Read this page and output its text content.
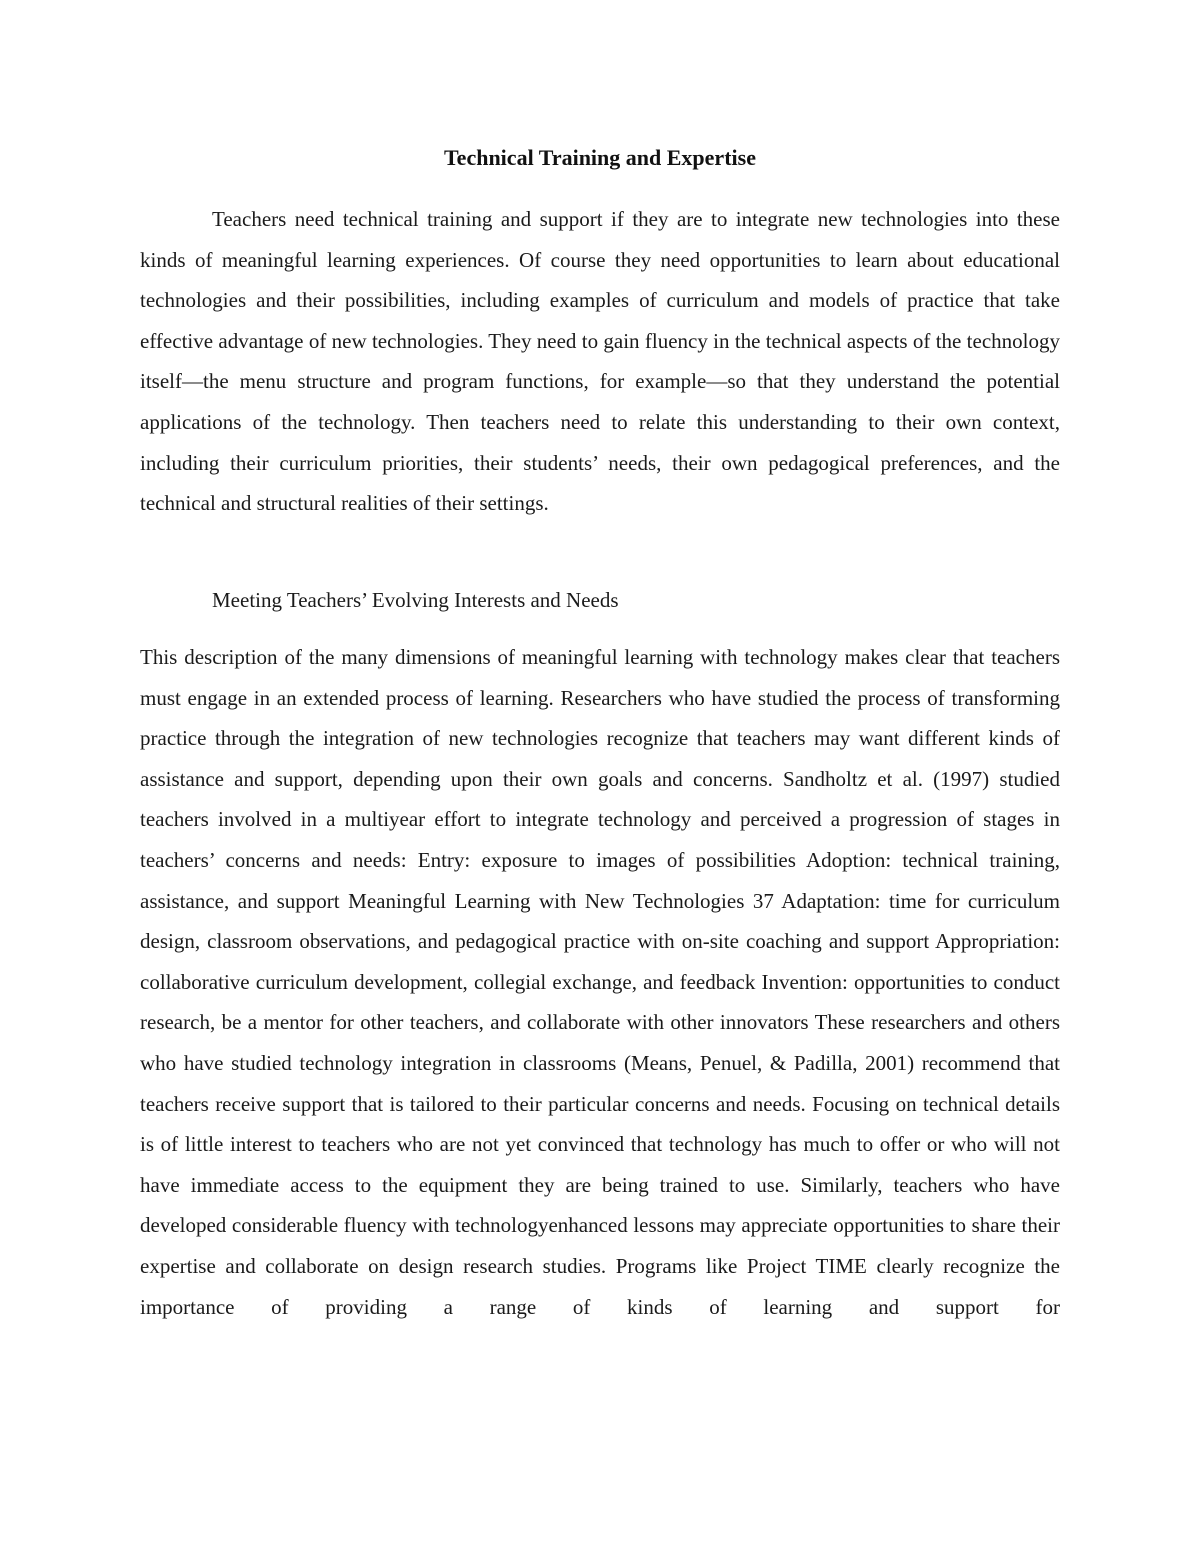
Technical Training and Expertise

Teachers need technical training and support if they are to integrate new technologies into these kinds of meaningful learning experiences. Of course they need opportunities to learn about educational technologies and their possibilities, including examples of curriculum and models of practice that take effective advantage of new technologies. They need to gain fluency in the technical aspects of the technology itself—the menu structure and program functions, for example—so that they understand the potential applications of the technology. Then teachers need to relate this understanding to their own context, including their curriculum priorities, their students’ needs, their own pedagogical preferences, and the technical and structural realities of their settings.

Meeting Teachers’ Evolving Interests and Needs

This description of the many dimensions of meaningful learning with technology makes clear that teachers must engage in an extended process of learning. Researchers who have studied the process of transforming practice through the integration of new technologies recognize that teachers may want different kinds of assistance and support, depending upon their own goals and concerns. Sandholtz et al. (1997) studied teachers involved in a multiyear effort to integrate technology and perceived a progression of stages in teachers’ concerns and needs: Entry: exposure to images of possibilities Adoption: technical training, assistance, and support Meaningful Learning with New Technologies 37 Adaptation: time for curriculum design, classroom observations, and pedagogical practice with on-site coaching and support Appropriation: collaborative curriculum development, collegial exchange, and feedback Invention: opportunities to conduct research, be a mentor for other teachers, and collaborate with other innovators These researchers and others who have studied technology integration in classrooms (Means, Penuel, & Padilla, 2001) recommend that teachers receive support that is tailored to their particular concerns and needs. Focusing on technical details is of little interest to teachers who are not yet convinced that technology has much to offer or who will not have immediate access to the equipment they are being trained to use. Similarly, teachers who have developed considerable fluency with technologyenhanced lessons may appreciate opportunities to share their expertise and collaborate on design research studies. Programs like Project TIME clearly recognize the importance of providing a range of kinds of learning and support for
